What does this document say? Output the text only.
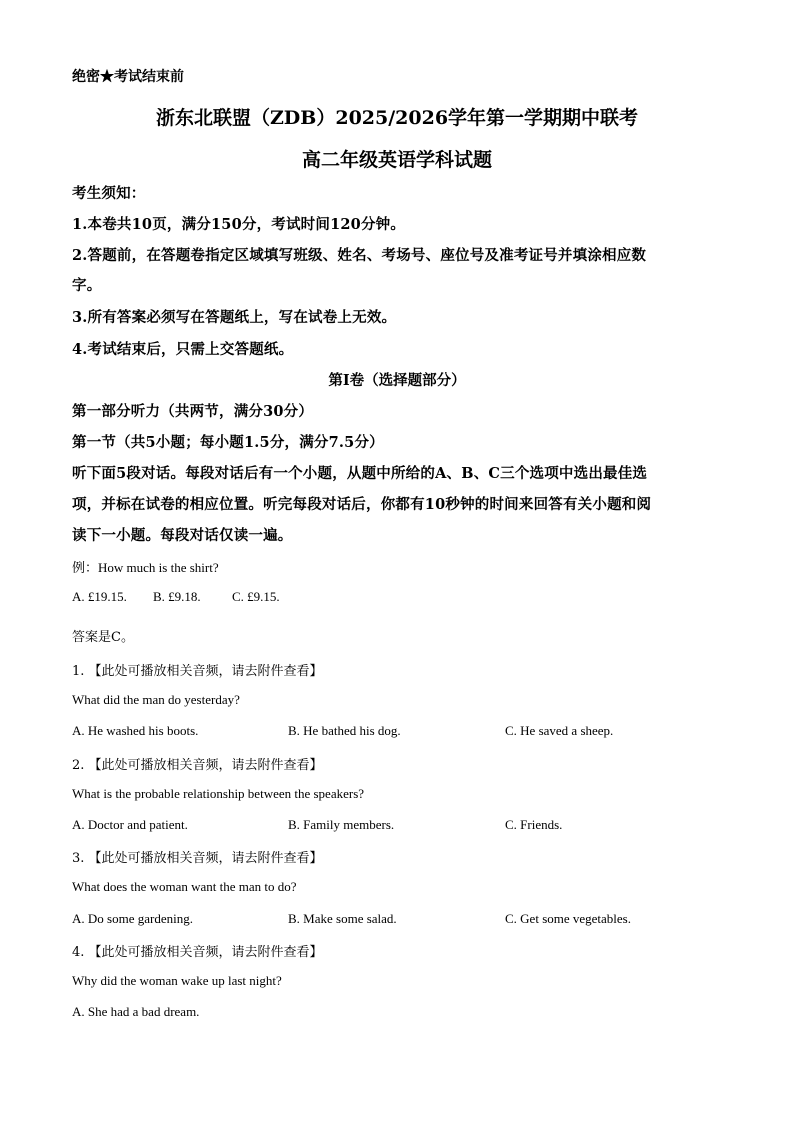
绝密★考试结束前
浙东北联盟（ZDB）2025/2026学年第一学期期中联考
高二年级英语学科试题
考生须知：
1.本卷共10页，满分150分，考试时间120分钟。
2.答题前，在答题卷指定区域填写班级、姓名、考场号、座位号及准考证号并填涂相应数
字。
3.所有答案必须写在答题纸上，写在试卷上无效。
4.考试结束后，只需上交答题纸。
第I卷（选择题部分）
第一部分听力（共两节，满分30分）
第一节（共5小题；每小题1.5分，满分7.5分）
听下面5段对话。每段对话后有一个小题，从题中所给的A、B、C三个选项中选出最佳选
项，并标在试卷的相应位置。听完每段对话后，你都有10秒钟的时间来回答有关小题和阅
读下一小题。每段对话仅读一遍。
例：How much is the shirt?
A. £19.15. B. £9.18. C. £9.15.
答案是C。
1. 【此处可播放相关音频，请去附件查看】
What did the man do yesterday?
A. He washed his boots.	B. He bathed his dog.	C. He saved a sheep.
2. 【此处可播放相关音频，请去附件查看】
What is the probable relationship between the speakers?
A. Doctor and patient.	B. Family members.	C. Friends.
3. 【此处可播放相关音频，请去附件查看】
What does the woman want the man to do?
A. Do some gardening.	B. Make some salad.	C. Get some vegetables.
4. 【此处可播放相关音频，请去附件查看】
Why did the woman wake up last night?
A. She had a bad dream.
